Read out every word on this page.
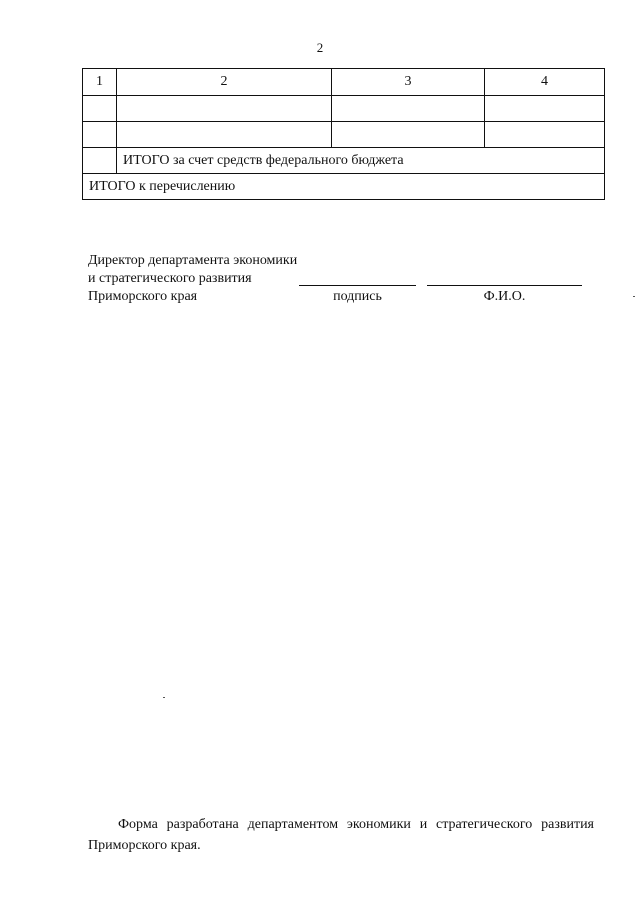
2
1	2	3	4

	ИТОГО за счет средств федерального бюджета		
ИТОГО к перечислению			
Директор департамента экономики
и стратегического развития
Приморского края	подпись	Ф.И.О.
Форма разработана департаментом экономики и стратегического развития Приморского края.
